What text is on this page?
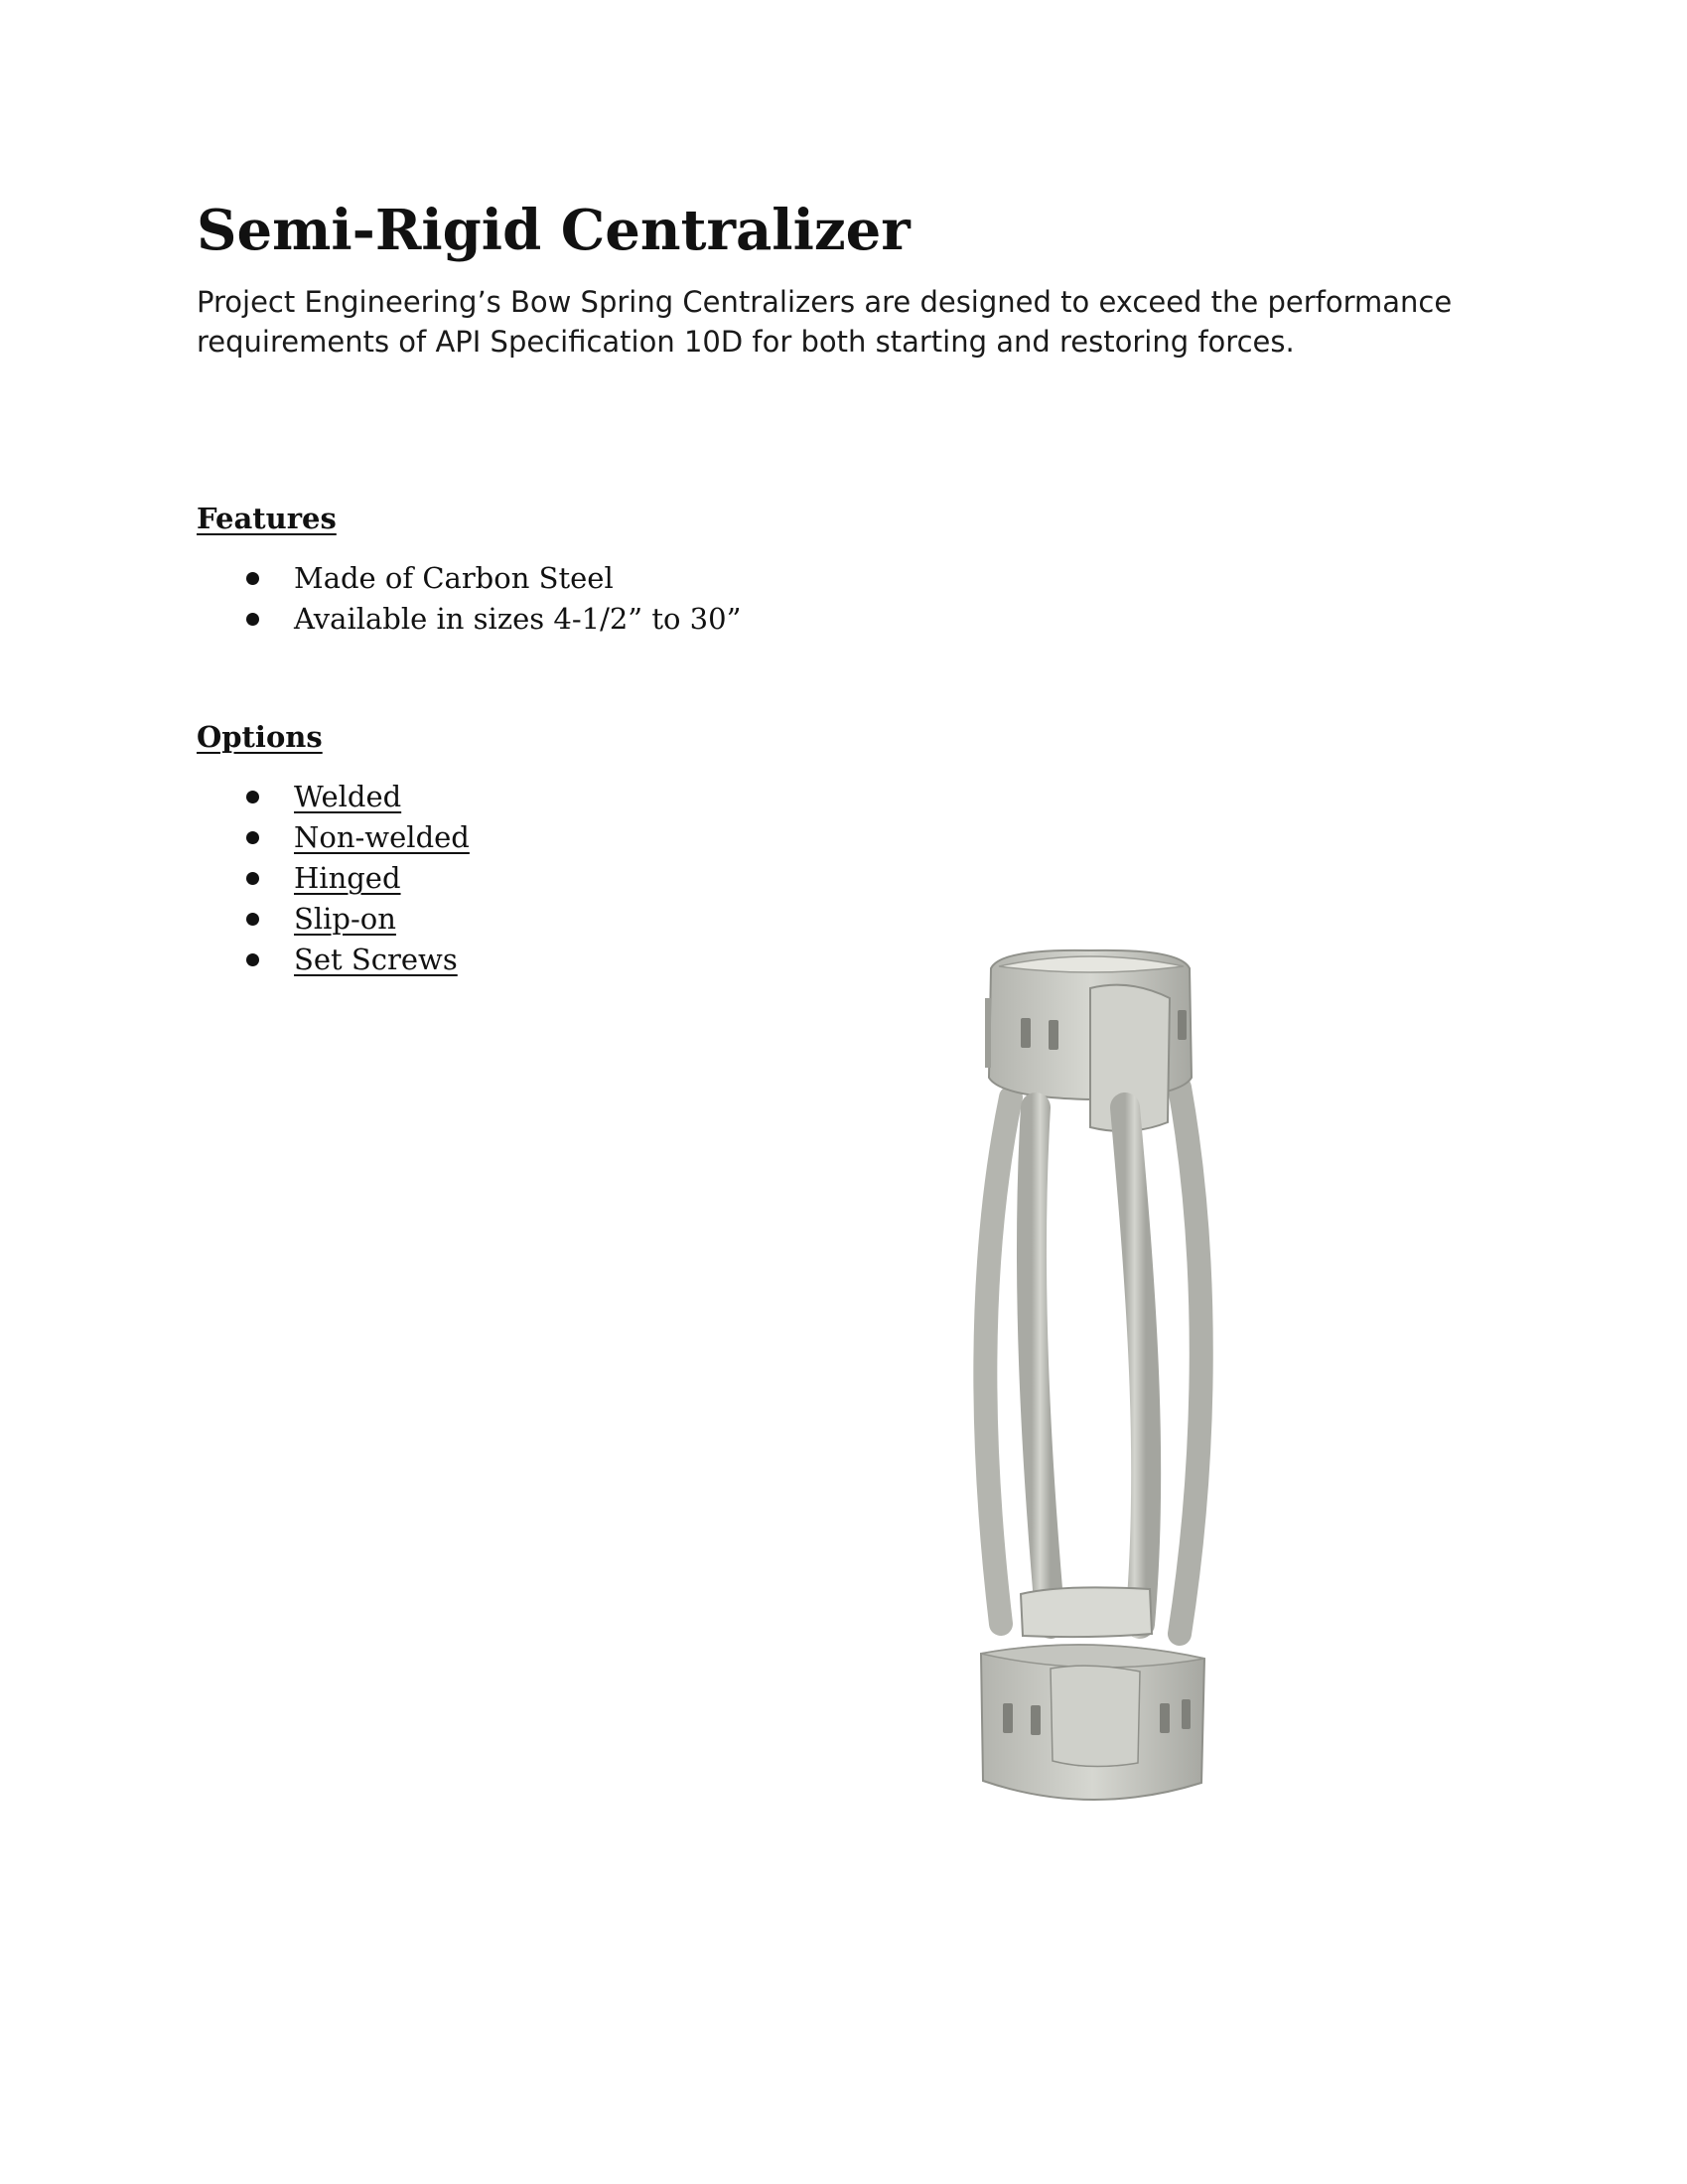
Semi-Rigid Centralizer

Project Engineering’s Bow Spring Centralizers are designed to exceed the performance requirements of API Specification 10D for both starting and restoring forces.

Features
Made of Carbon Steel
Available in sizes 4-1/2” to 30”
Options
Welded
Non-welded
Hinged
Slip-on
Set Screws
